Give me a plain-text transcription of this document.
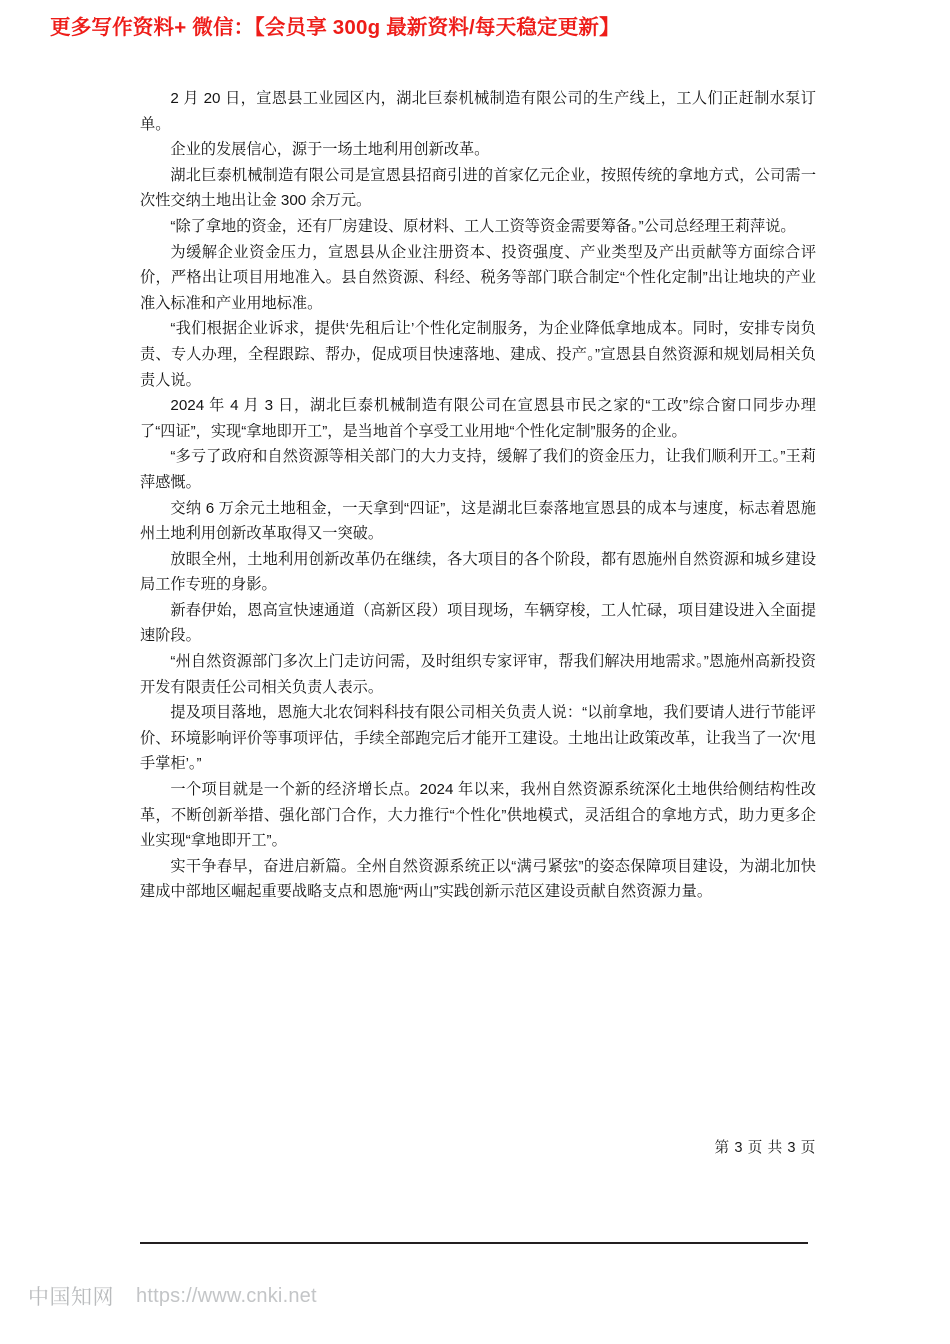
更多写作资料+ 微信：【会员享 300g 最新资料/每天稳定更新】

2 月 20 日，宣恩县工业园区内，湖北巨泰机械制造有限公司的生产线上，工人们正赶制水泵订单。

企业的发展信心，源于一场土地利用创新改革。

湖北巨泰机械制造有限公司是宣恩县招商引进的首家亿元企业，按照传统的拿地方式，公司需一次性交纳土地出让金 300 余万元。

“除了拿地的资金，还有厂房建设、原材料、工人工资等资金需要筹备。”公司总经理王莉萍说。

为缓解企业资金压力，宣恩县从企业注册资本、投资强度、产业类型及产出贡献等方面综合评价，严格出让项目用地准入。县自然资源、科经、税务等部门联合制定“个性化定制”出让地块的产业准入标准和产业用地标准。

“我们根据企业诉求，提供‘先租后让’个性化定制服务，为企业降低拿地成本。同时，安排专岗负责、专人办理，全程跟踪、帮办，促成项目快速落地、建成、投产。”宣恩县自然资源和规划局相关负责人说。

2024 年 4 月 3 日，湖北巨泰机械制造有限公司在宣恩县市民之家的“工改”综合窗口同步办理了“四证”，实现“拿地即开工”，是当地首个享受工业用地“个性化定制”服务的企业。

“多亏了政府和自然资源等相关部门的大力支持，缓解了我们的资金压力，让我们顺利开工。”王莉萍感慨。

交纳 6 万余元土地租金，一天拿到“四证”，这是湖北巨泰落地宣恩县的成本与速度，标志着恩施州土地利用创新改革取得又一突破。

放眼全州，土地利用创新改革仍在继续，各大项目的各个阶段，都有恩施州自然资源和城乡建设局工作专班的身影。

新春伊始，恩高宣快速通道（高新区段）项目现场，车辆穿梭，工人忙碌，项目建设进入全面提速阶段。

“州自然资源部门多次上门走访问需，及时组织专家评审，帮我们解决用地需求。”恩施州高新投资开发有限责任公司相关负责人表示。

提及项目落地，恩施大北农饲料科技有限公司相关负责人说：“以前拿地，我们要请人进行节能评价、环境影响评价等事项评估，手续全部跑完后才能开工建设。土地出让政策改革，让我当了一次‘甩手掌柜’。”

一个项目就是一个新的经济增长点。2024 年以来，我州自然资源系统深化土地供给侧结构性改革，不断创新举措、强化部门合作，大力推行“个性化”供地模式，灵活组合的拿地方式，助力更多企业实现“拿地即开工”。

实干争春早，奋进启新篇。全州自然资源系统正以“满弓紧弦”的姿态保障项目建设，为湖北加快建成中部地区崛起重要战略支点和恩施“两山”实践创新示范区建设贡献自然资源力量。

第 3 页 共 3 页
中国知网 https://www.cnki.net
